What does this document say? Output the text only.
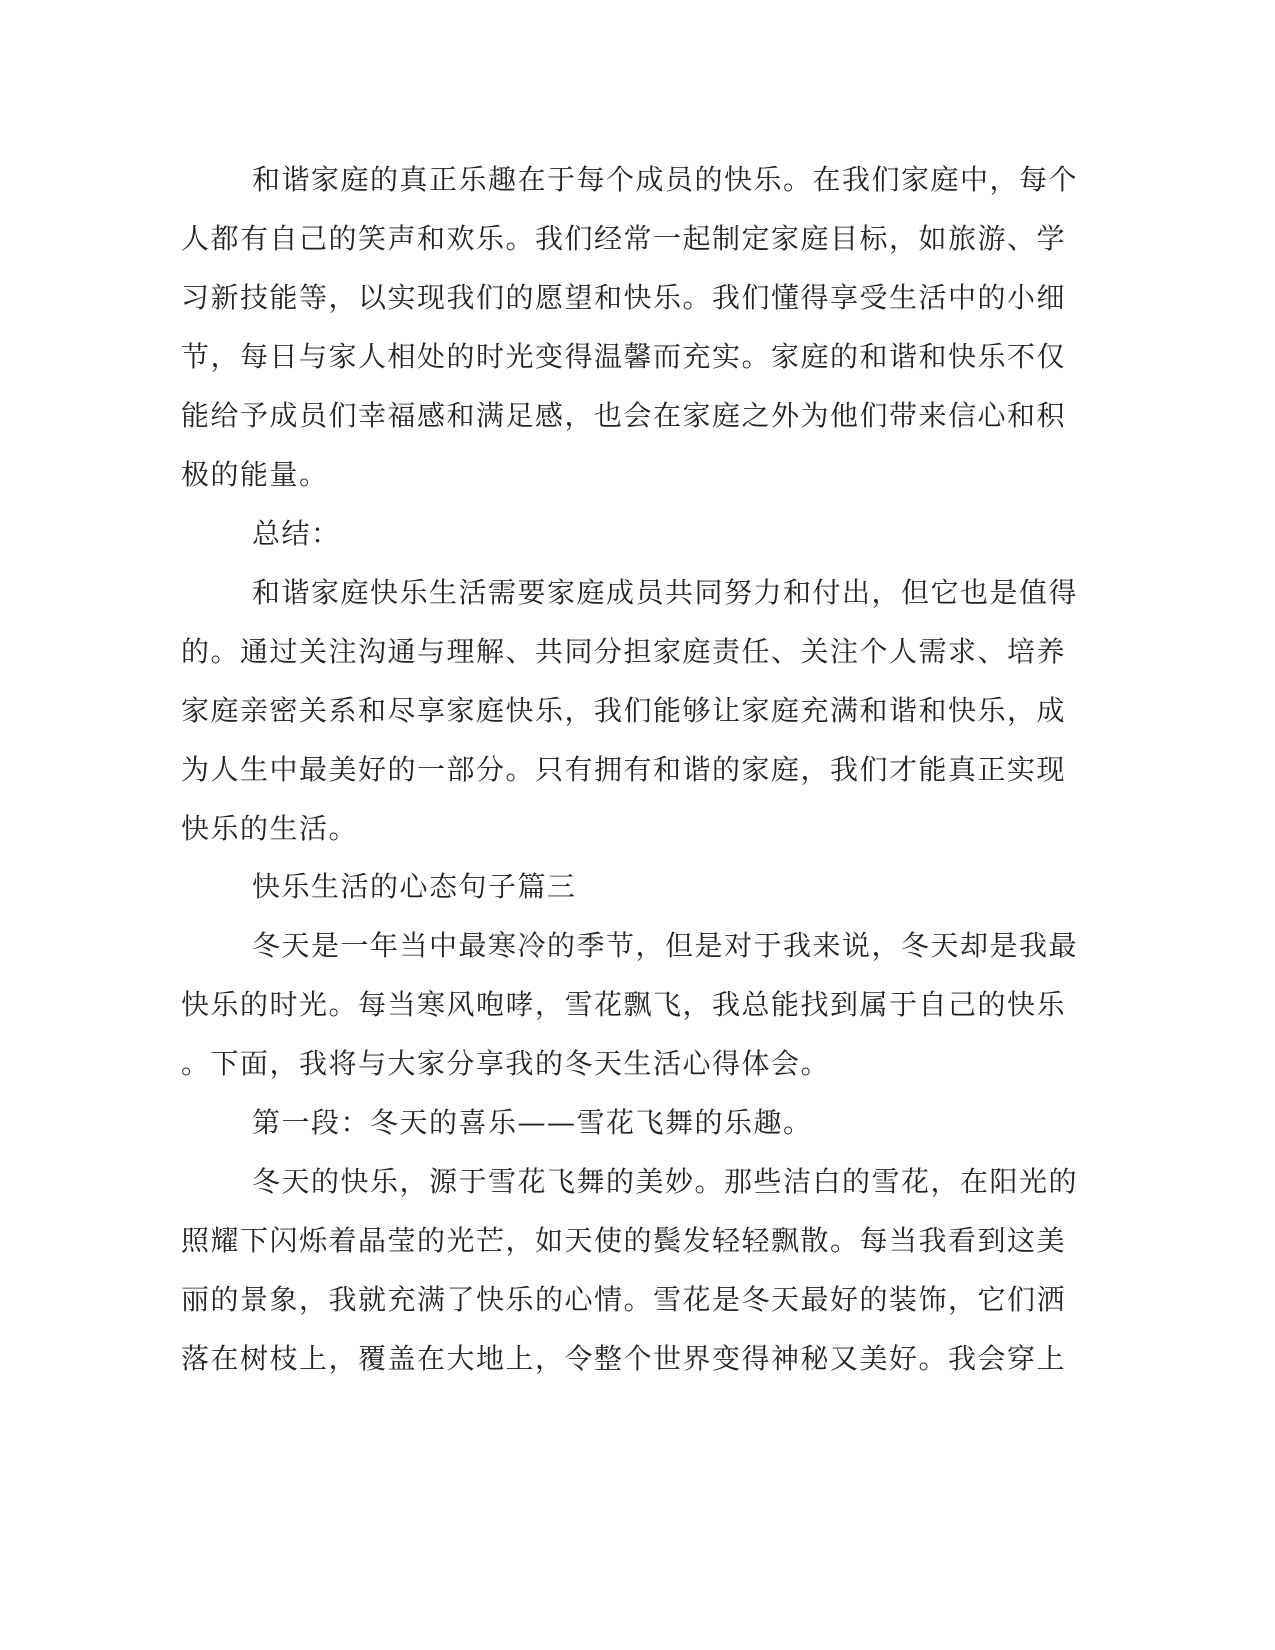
和谐家庭的真正乐趣在于每个成员的快乐。在我们家庭中，每个
人都有自己的笑声和欢乐。我们经常一起制定家庭目标，如旅游、学
习新技能等，以实现我们的愿望和快乐。我们懂得享受生活中的小细
节，每日与家人相处的时光变得温馨而充实。家庭的和谐和快乐不仅
能给予成员们幸福感和满足感，也会在家庭之外为他们带来信心和积
极的能量。
总结：
和谐家庭快乐生活需要家庭成员共同努力和付出，但它也是值得
的。通过关注沟通与理解、共同分担家庭责任、关注个人需求、培养
家庭亲密关系和尽享家庭快乐，我们能够让家庭充满和谐和快乐，成
为人生中最美好的一部分。只有拥有和谐的家庭，我们才能真正实现
快乐的生活。
快乐生活的心态句子篇三
冬天是一年当中最寒冷的季节，但是对于我来说，冬天却是我最
快乐的时光。每当寒风咆哮，雪花飘飞，我总能找到属于自己的快乐
。下面，我将与大家分享我的冬天生活心得体会。
第一段：冬天的喜乐——雪花飞舞的乐趣。
冬天的快乐，源于雪花飞舞的美妙。那些洁白的雪花，在阳光的
照耀下闪烁着晶莹的光芒，如天使的鬓发轻轻飘散。每当我看到这美
丽的景象，我就充满了快乐的心情。雪花是冬天最好的装饰，它们洒
落在树枝上，覆盖在大地上，令整个世界变得神秘又美好。我会穿上
